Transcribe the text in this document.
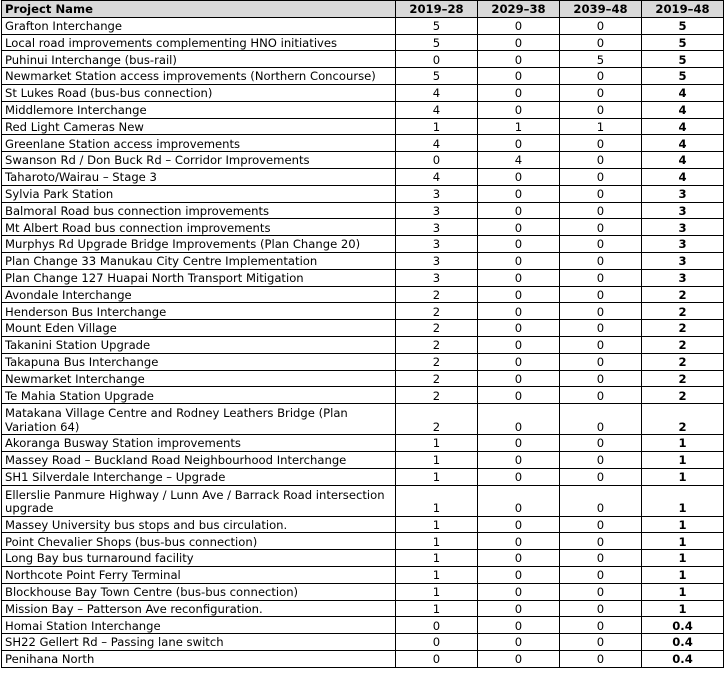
Project Name	2019–28	2029–38	2039–48	2019–48
Grafton Interchange	5	0	0	5
Local road improvements complementing HNO initiatives	5	0	0	5
Puhinui Interchange (bus-rail)	0	0	5	5
Newmarket Station access improvements (Northern Concourse)	5	0	0	5
St Lukes Road (bus-bus connection)	4	0	0	4
Middlemore Interchange	4	0	0	4
Red Light Cameras New	1	1	1	4
Greenlane Station access improvements	4	0	0	4
Swanson Rd / Don Buck Rd – Corridor Improvements	0	4	0	4
Taharoto/Wairau – Stage 3	4	0	0	4
Sylvia Park Station	3	0	0	3
Balmoral Road bus connection improvements	3	0	0	3
Mt Albert Road bus connection improvements	3	0	0	3
Murphys Rd Upgrade Bridge Improvements (Plan Change 20)	3	0	0	3
Plan Change 33 Manukau City Centre Implementation	3	0	0	3
Plan Change 127 Huapai North Transport Mitigation	3	0	0	3
Avondale Interchange	2	0	0	2
Henderson Bus Interchange	2	0	0	2
Mount Eden Village	2	0	0	2
Takanini Station Upgrade	2	0	0	2
Takapuna Bus Interchange	2	0	0	2
Newmarket Interchange	2	0	0	2
Te Mahia Station Upgrade	2	0	0	2
Matakana Village Centre and Rodney Leathers Bridge (Plan Variation 64)	2	0	0	2
Akoranga Busway Station improvements	1	0	0	1
Massey Road – Buckland Road Neighbourhood Interchange	1	0	0	1
SH1 Silverdale Interchange – Upgrade	1	0	0	1
Ellerslie Panmure Highway / Lunn Ave / Barrack Road intersection upgrade	1	0	0	1
Massey University bus stops and bus circulation.	1	0	0	1
Point Chevalier Shops (bus-bus connection)	1	0	0	1
Long Bay bus turnaround facility	1	0	0	1
Northcote Point Ferry Terminal	1	0	0	1
Blockhouse Bay Town Centre (bus-bus connection)	1	0	0	1
Mission Bay – Patterson Ave reconfiguration.	1	0	0	1
Homai Station Interchange	0	0	0	0.4
SH22 Gellert Rd – Passing lane switch	0	0	0	0.4
Penihana North	0	0	0	0.4
